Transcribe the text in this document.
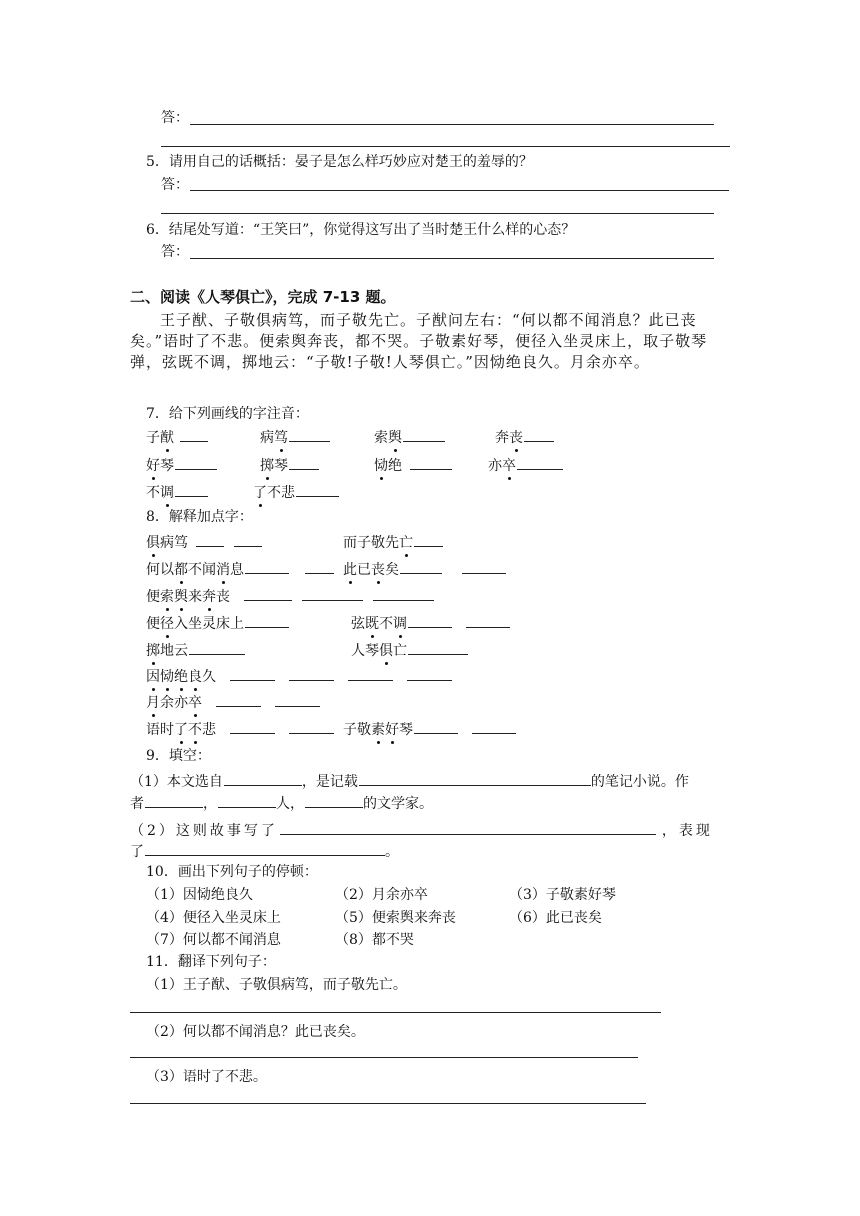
答：
5．请用自己的话概括：晏子是怎么样巧妙应对楚王的羞辱的？
答：
6．结尾处写道：“王笑曰”，你觉得这写出了当时楚王什么样的心态？
答：
二、阅读《人琴俱亡》，完成 7-13 题。

王子猷、子敬俱病笃，而子敬先亡。子猷问左右：“何以都不闻消息？此已丧矣。”语时了不悲。便索舆奔丧，都不哭。子敬素好琴，便径入坐灵床上，取子敬琴弹，弦既不调，掷地云：“子敬!子敬!人琴俱亡。”因恸绝良久。月余亦卒。

7．给下列画线的字注音：
子猷	病笃	索舆	奔丧
好琴	掷琴	恸绝	亦卒
不调	了不悲
8．解释加点字：
俱病笃	而子敬先亡
何以都不闻消息	此已丧矣
便索舆来奔丧
便径入坐灵床上	弦既不调
掷地云	人琴俱亡
因恸绝良久
月余亦卒
语时了不悲	子敬素好琴
9．填空：
（1）本文选自	，是记载	的笔记小说。作
者	，	人，	的文学家。
（2）这则故事写了	，表现
了	。
10．画出下列句子的停顿：
（1）因恸绝良久	（2）月余亦卒	（3）子敬素好琴
（4）便径入坐灵床上	（5）便索舆来奔丧	（6）此已丧矣
（7）何以都不闻消息	（8）都不哭
11．翻译下列句子：
（1）王子猷、子敬俱病笃，而子敬先亡。
（2）何以都不闻消息？此已丧矣。
（3）语时了不悲。
